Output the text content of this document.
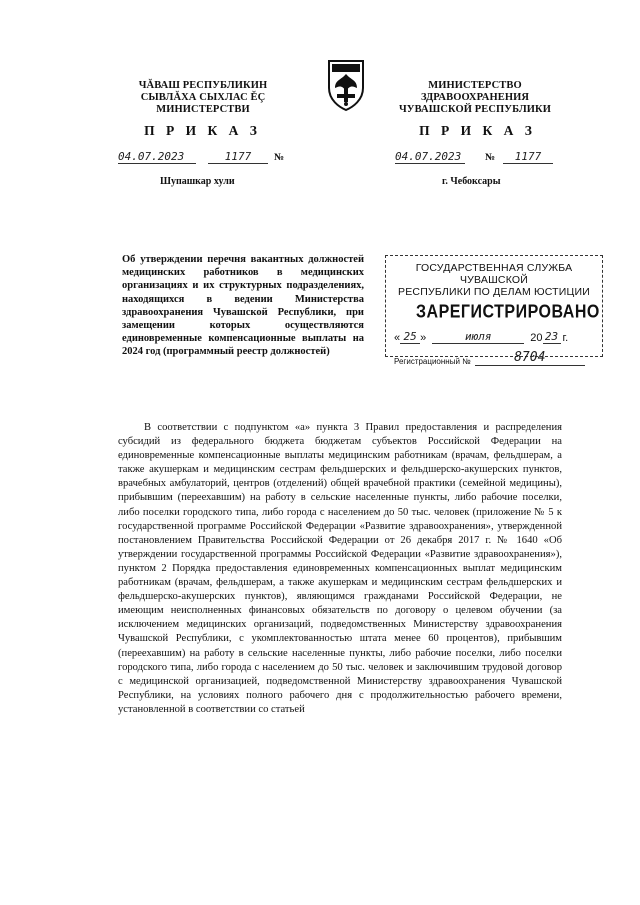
ЧĂВАШ РЕСПУБЛИКИН
СЫВЛĂХА СЫХЛАС ĔÇ
МИНИСТЕРСТВИ
МИНИСТЕРСТВО
ЗДРАВООХРАНЕНИЯ
ЧУВАШСКОЙ РЕСПУБЛИКИ
П Р И К А З	П Р И К А З
04.07.2023	1177	№	04.07.2023	№	1177
Шупашкар хули	г. Чебоксары
Об утверждении перечня вакантных должностей медицинских работников в медицинских организациях и их структурных подразделениях, находящихся в ведении Министерства здравоохранения Чувашской Республики, при замещении которых осуществляются единовременные компенсационные выплаты на 2024 год (программный реестр должностей)
ГОСУДАРСТВЕННАЯ СЛУЖБА ЧУВАШСКОЙ
РЕСПУБЛИКИ ПО ДЕЛАМ ЮСТИЦИИ
ЗАРЕГИСТРИРОВАНО
« 25 »	июля	20 23 г.
Регистрационный №	8704

В соответствии с подпунктом «а» пункта 3 Правил предоставления и распределения субсидий из федерального бюджета бюджетам субъектов Российской Федерации на единовременные компенсационные выплаты медицинским работникам (врачам, фельдшерам, а также акушеркам и медицинским сестрам фельдшерских и фельдшерско-акушерских пунктов, врачебных амбулаторий, центров (отделений) общей врачебной практики (семейной медицины), прибывшим (переехавшим) на работу в сельские населенные пункты, либо рабочие поселки, либо поселки городского типа, либо города с населением до 50 тыс. человек (приложение № 5 к государственной программе Российской Федерации «Развитие здравоохранения», утвержденной постановлением Правительства Российской Федерации от 26 декабря 2017 г. № 1640 «Об утверждении государственной программы Российской Федерации «Развитие здравоохранения»), пунктом 2 Порядка предоставления единовременных компенсационных выплат медицинским работникам (врачам, фельдшерам, а также акушеркам и медицинским сестрам фельдшерских и фельдшерско-акушерских пунктов), являющимся гражданами Российской Федерации, не имеющим неисполненных финансовых обязательств по договору о целевом обучении (за исключением медицинских организаций, подведомственных Министерству здравоохранения Чувашской Республики, с укомплектованностью штата менее 60 процентов), прибывшим (переехавшим) на работу в сельские населенные пункты, либо рабочие поселки, либо поселки городского типа, либо города с населением до 50 тыс. человек и заключившим трудовой договор с медицинской организацией, подведомственной Министерству здравоохранения Чувашской Республики, на условиях полного рабочего дня с продолжительностью рабочего времени, установленной в соответствии со статьей
